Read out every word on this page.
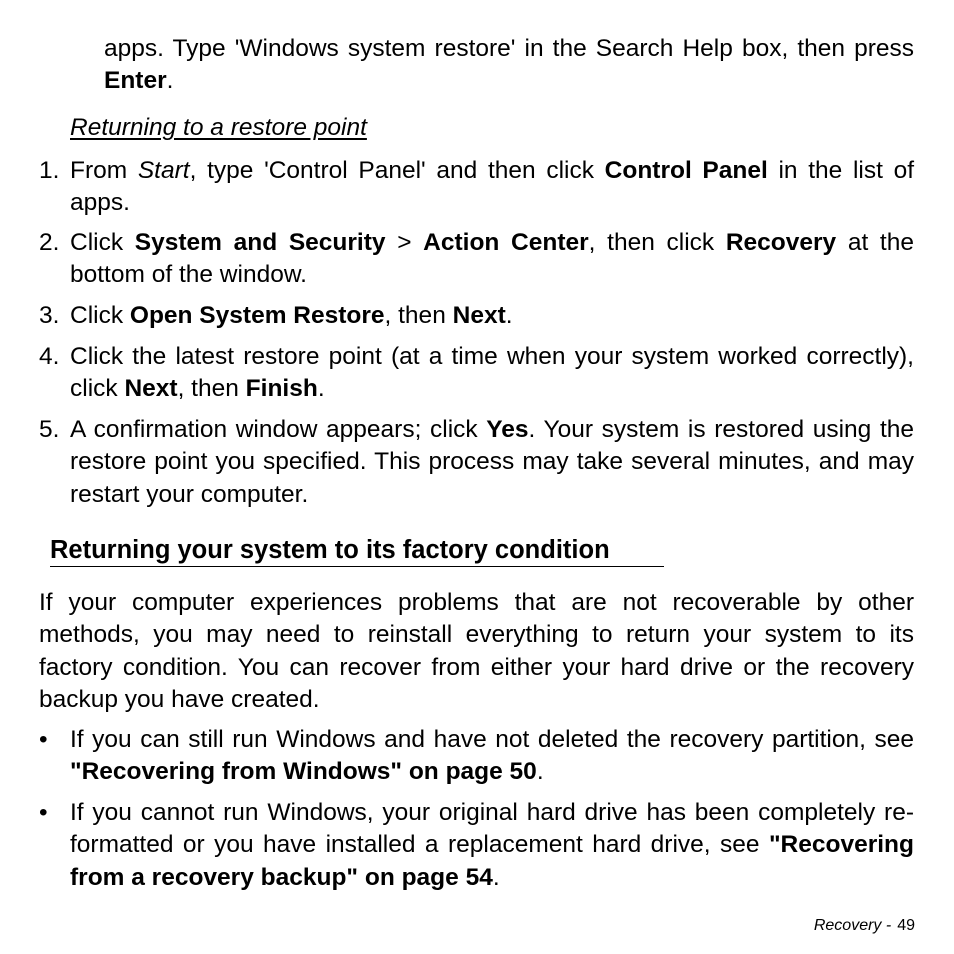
apps. Type 'Windows system restore' in the Search Help box, then press Enter.

Returning to a restore point
1. From Start, type 'Control Panel' and then click Control Panel in the list of apps.
2. Click System and Security > Action Center, then click Recovery at the bottom of the window.
3. Click Open System Restore, then Next.
4. Click the latest restore point (at a time when your system worked correctly), click Next, then Finish.
5. A confirmation window appears; click Yes. Your system is restored using the restore point you specified. This process may take several minutes, and may restart your computer.
Returning your system to its factory condition

If your computer experiences problems that are not recoverable by other methods, you may need to reinstall everything to return your system to its factory condition. You can recover from either your hard drive or the recovery backup you have created.

• If you can still run Windows and have not deleted the recovery partition, see "Recovering from Windows" on page 50.
• If you cannot run Windows, your original hard drive has been completely re-formatted or you have installed a replacement hard drive, see "Recovering from a recovery backup" on page 54.
Recovery - 49
